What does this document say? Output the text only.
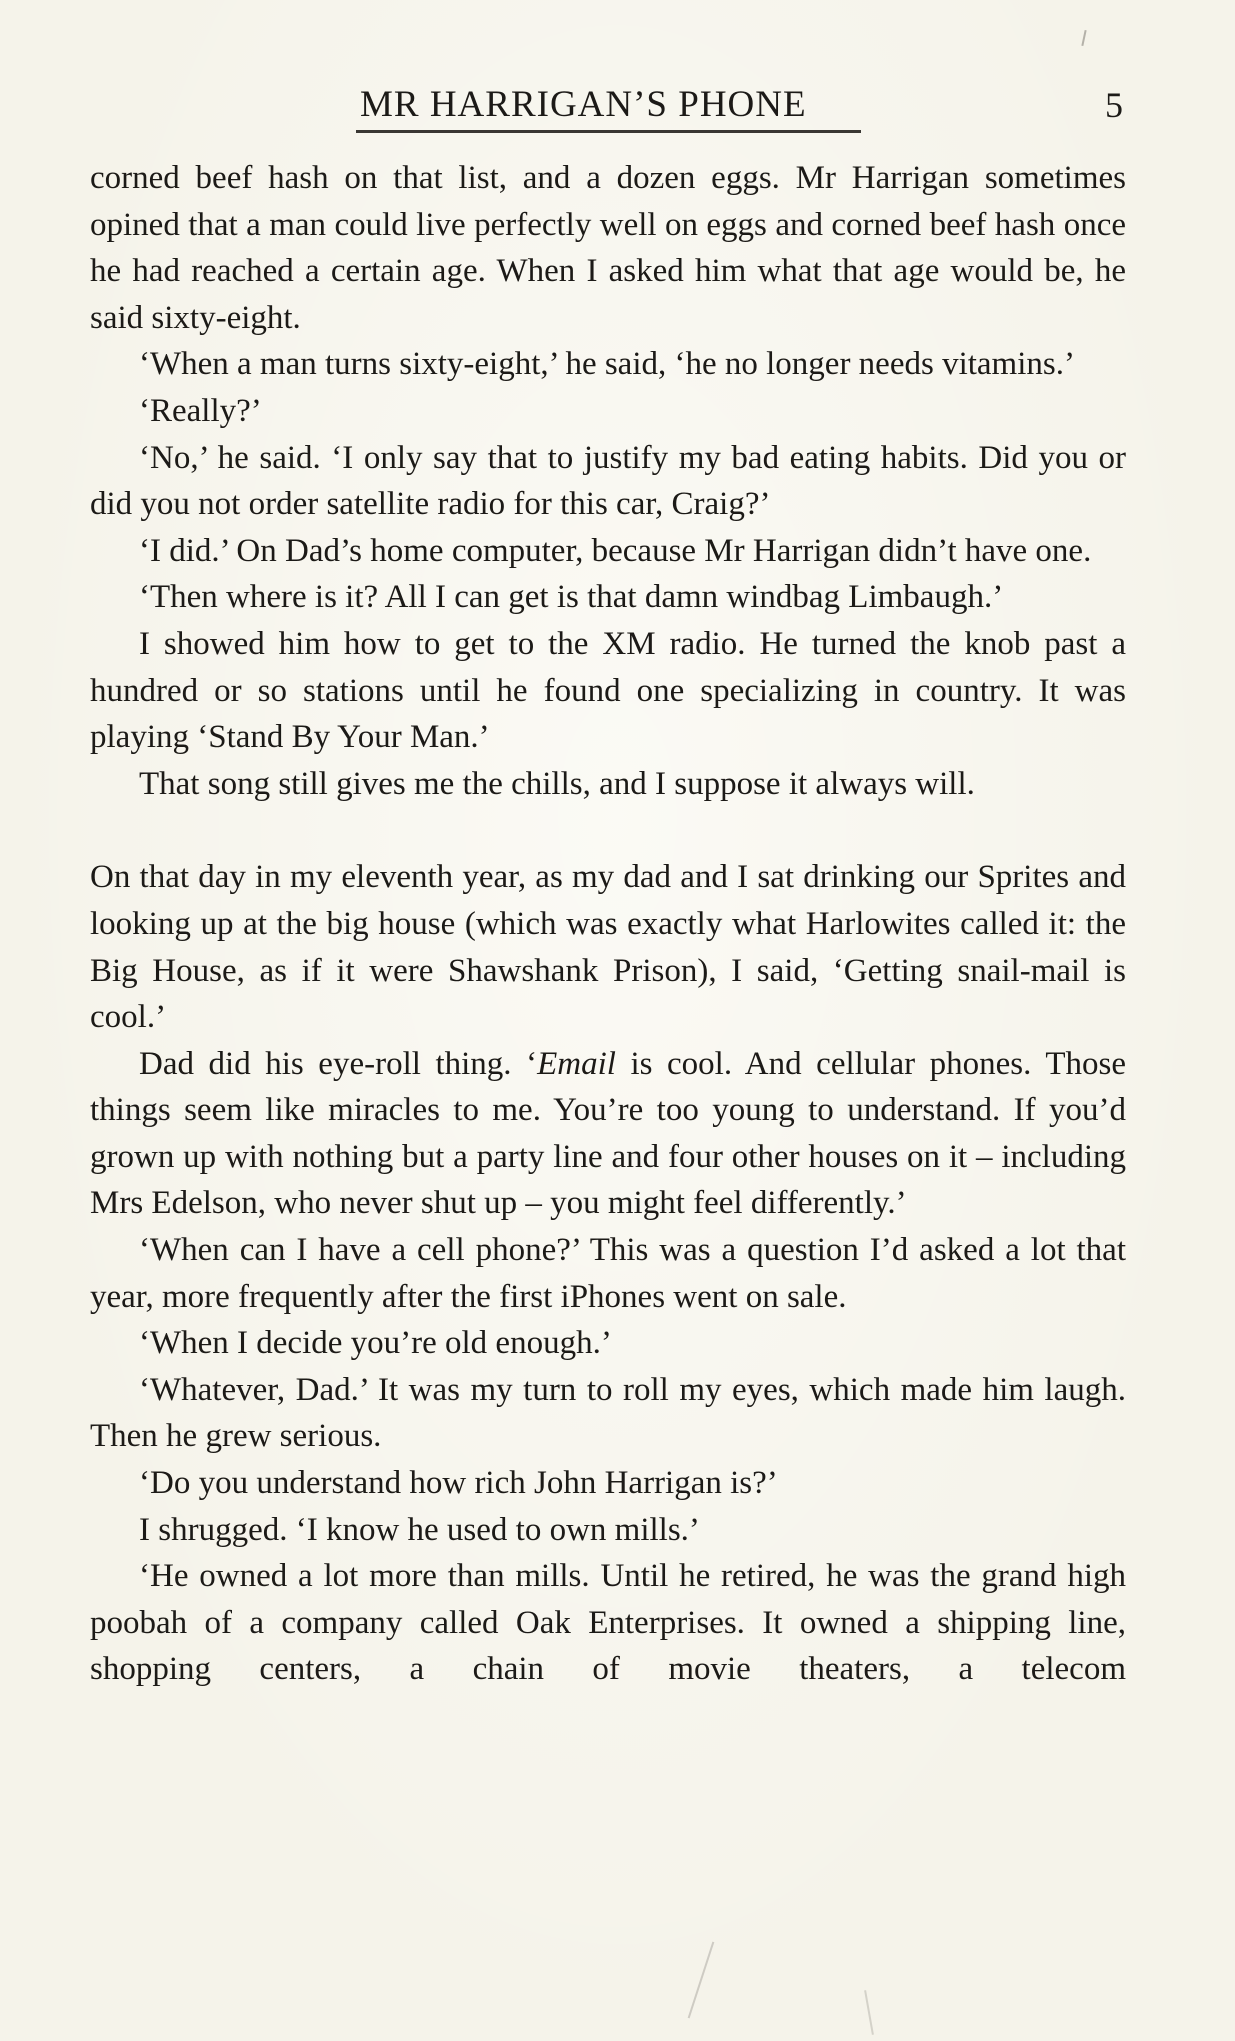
MR HARRIGAN’S PHONE	5

corned beef hash on that list, and a dozen eggs. Mr Harrigan sometimes opined that a man could live perfectly well on eggs and corned beef hash once he had reached a certain age. When I asked him what that age would be, he said sixty-eight.

‘When a man turns sixty-eight,’ he said, ‘he no longer needs vitamins.’

‘Really?’

‘No,’ he said. ‘I only say that to justify my bad eating habits. Did you or did you not order satellite radio for this car, Craig?’

‘I did.’ On Dad’s home computer, because Mr Harrigan didn’t have one.

‘Then where is it? All I can get is that damn windbag Limbaugh.’

I showed him how to get to the XM radio. He turned the knob past a hundred or so stations until he found one specializing in country. It was playing ‘Stand By Your Man.’

That song still gives me the chills, and I suppose it always will.

On that day in my eleventh year, as my dad and I sat drinking our Sprites and looking up at the big house (which was exactly what Harlowites called it: the Big House, as if it were Shawshank Prison), I said, ‘Getting snail-mail is cool.’

Dad did his eye-roll thing. ‘Email is cool. And cellular phones. Those things seem like miracles to me. You’re too young to understand. If you’d grown up with nothing but a party line and four other houses on it – including Mrs Edelson, who never shut up – you might feel differently.’

‘When can I have a cell phone?’ This was a question I’d asked a lot that year, more frequently after the first iPhones went on sale.

‘When I decide you’re old enough.’

‘Whatever, Dad.’ It was my turn to roll my eyes, which made him laugh. Then he grew serious.

‘Do you understand how rich John Harrigan is?’

I shrugged. ‘I know he used to own mills.’

‘He owned a lot more than mills. Until he retired, he was the grand high poobah of a company called Oak Enterprises. It owned a shipping line, shopping centers, a chain of movie theaters, a telecom
